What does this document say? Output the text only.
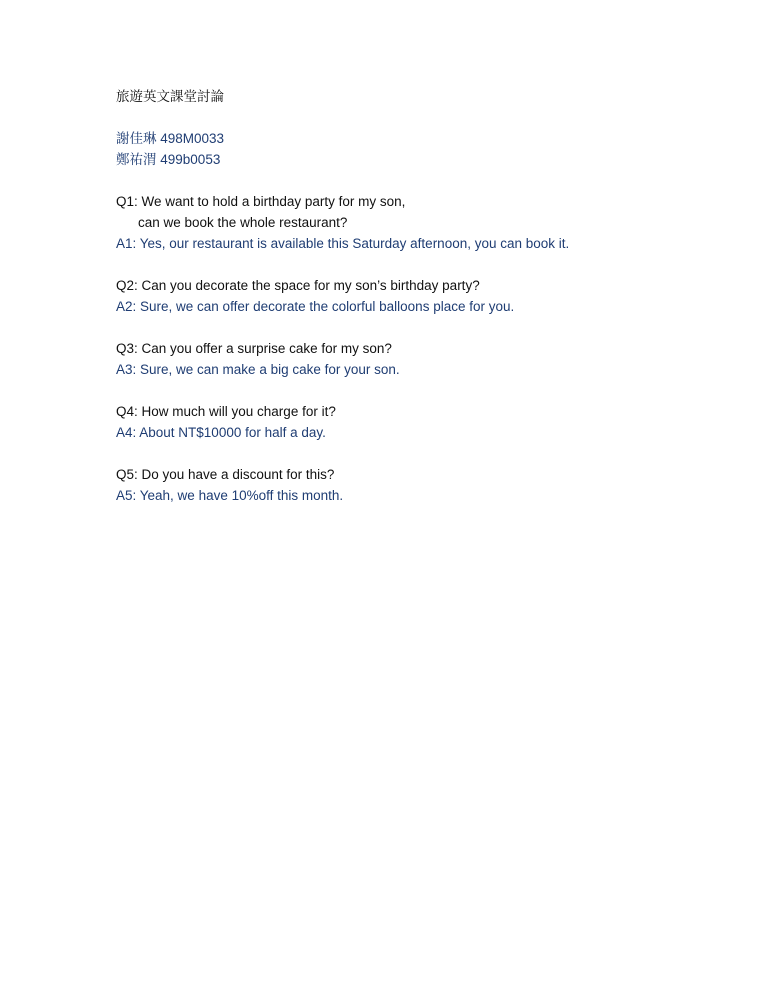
旅遊英文課堂討論
謝佳琳 498M0033
鄭祐渭 499b0053
Q1: We want to hold a birthday party for my son,
can we book the whole restaurant?
A1: Yes, our restaurant is available this Saturday afternoon, you can book it.
Q2: Can you decorate the space for my son’s birthday party?
A2: Sure, we can offer decorate the colorful balloons place for you.
Q3: Can you offer a surprise cake for my son?
A3: Sure, we can make a big cake for your son.
Q4: How much will you charge for it?
A4: About NT$10000 for half a day.
Q5: Do you have a discount for this?
A5: Yeah, we have 10%off this month.
